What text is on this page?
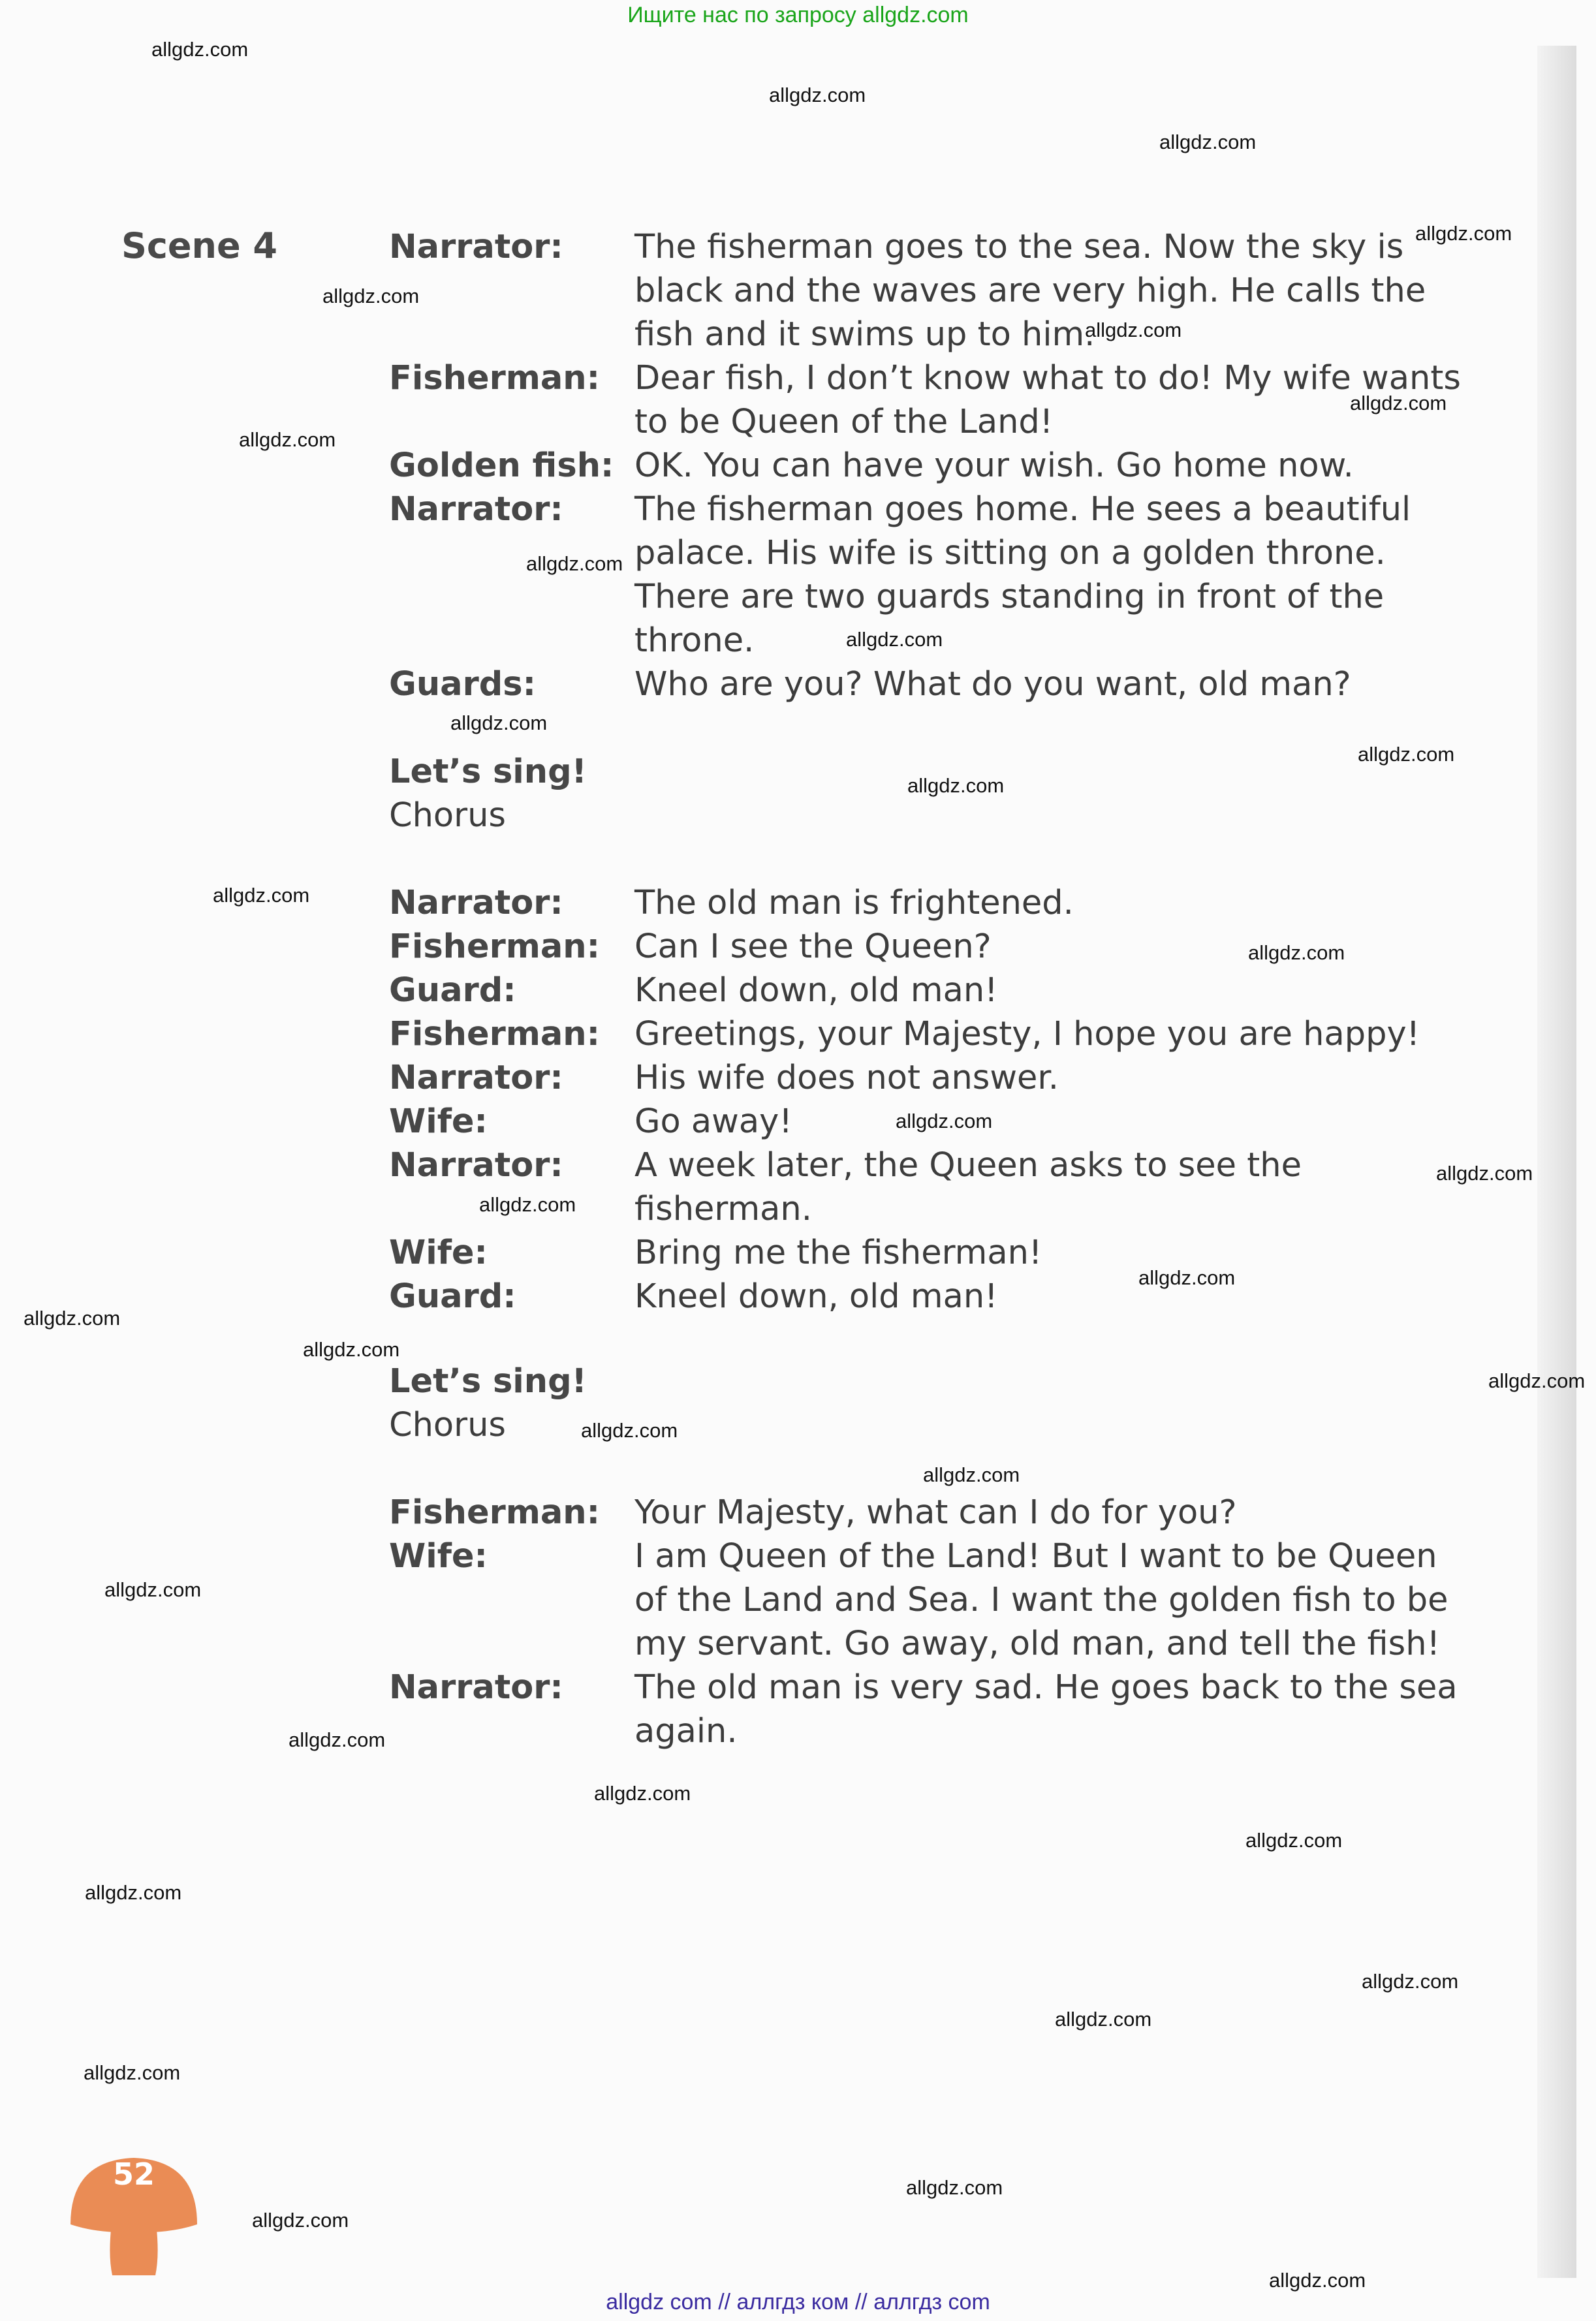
Ищите нас по запросу allgdz.com
Scene 4	Narrator: The fisherman goes to the sea. Now the sky is
black and the waves are very high. He calls the
fish and it swims up to him.
Fisherman: Dear fish, I don’t know what to do! My wife wants
to be Queen of the Land!
Golden fish: OK. You can have your wish. Go home now.
Narrator: The fisherman goes home. He sees a beautiful
palace. His wife is sitting on a golden throne.
There are two guards standing in front of the
throne.
Guards:	Who are you? What do you want, old man?
Let’s sing!
Chorus
Narrator: The old man is frightened.
Fisherman: Can I see the Queen?
Guard:	Kneel down, old man!
Fisherman: Greetings, your Majesty, I hope you are happy!
Narrator: His wife does not answer.
Wife:	Go away!
Narrator: A week later, the Queen asks to see the
fisherman.
Wife:	Bring me the fisherman!
Guard:	Kneel down, old man!
Let’s sing!
Chorus
Fisherman: Your Majesty, what can I do for you?
Wife:	I am Queen of the Land! But I want to be Queen
of the Land and Sea. I want the golden fish to be
my servant. Go away, old man, and tell the fish!
Narrator: The old man is very sad. He goes back to the sea
again.
allgdz.com
allgdz.com
allgdz.com
allgdz.com
allgdz.com
allgdz.com
allgdz.com
allgdz.com
allgdz.com
allgdz.com
allgdz.com
allgdz.com
allgdz.com
allgdz.com
allgdz.com
allgdz.com
allgdz.com
allgdz.com
allgdz.com
allgdz.com
allgdz.com
allgdz.com
allgdz.com
allgdz.com
allgdz.com
allgdz.com
allgdz.com
allgdz.com
allgdz.com
allgdz.com
allgdz.com
allgdz.com
allgdz.com
allgdz.com
allgdz.com
52
allgdz com // аллгдз ком // аллгдз com
